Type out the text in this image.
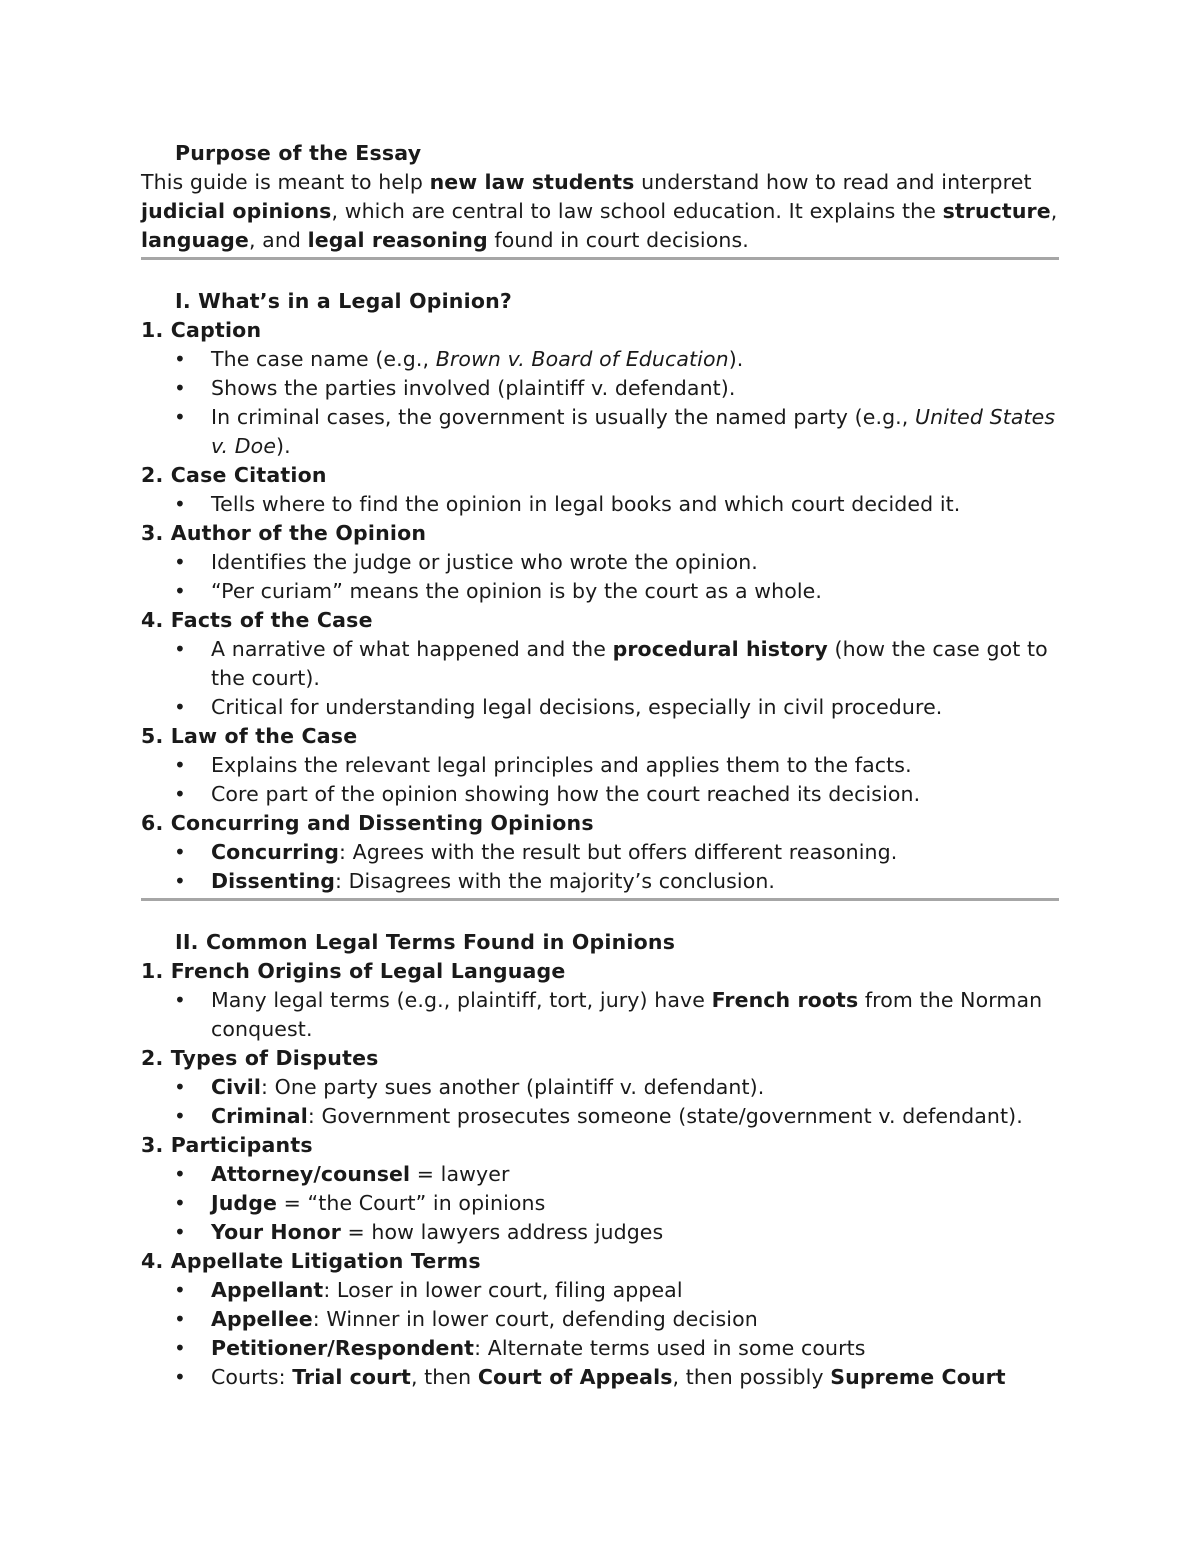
Purpose of the Essay

This guide is meant to help new law students understand how to read and interpret judicial opinions, which are central to law school education. It explains the structure, language, and legal reasoning found in court decisions.

I. What’s in a Legal Opinion?
1. Caption
• The case name (e.g., Brown v. Board of Education).
• Shows the parties involved (plaintiff v. defendant).
• In criminal cases, the government is usually the named party (e.g., United States v. Doe).
2. Case Citation
• Tells where to find the opinion in legal books and which court decided it.
3. Author of the Opinion
• Identifies the judge or justice who wrote the opinion.
• “Per curiam” means the opinion is by the court as a whole.
4. Facts of the Case
• A narrative of what happened and the procedural history (how the case got to the court).
• Critical for understanding legal decisions, especially in civil procedure.
5. Law of the Case
• Explains the relevant legal principles and applies them to the facts.
• Core part of the opinion showing how the court reached its decision.
6. Concurring and Dissenting Opinions
• Concurring: Agrees with the result but offers different reasoning.
• Dissenting: Disagrees with the majority’s conclusion.
II. Common Legal Terms Found in Opinions
1. French Origins of Legal Language
• Many legal terms (e.g., plaintiff, tort, jury) have French roots from the Norman conquest.
2. Types of Disputes
• Civil: One party sues another (plaintiff v. defendant).
• Criminal: Government prosecutes someone (state/government v. defendant).
3. Participants
• Attorney/counsel = lawyer
• Judge = “the Court” in opinions
• Your Honor = how lawyers address judges
4. Appellate Litigation Terms
• Appellant: Loser in lower court, filing appeal
• Appellee: Winner in lower court, defending decision
• Petitioner/Respondent: Alternate terms used in some courts
• Courts: Trial court, then Court of Appeals, then possibly Supreme Court
